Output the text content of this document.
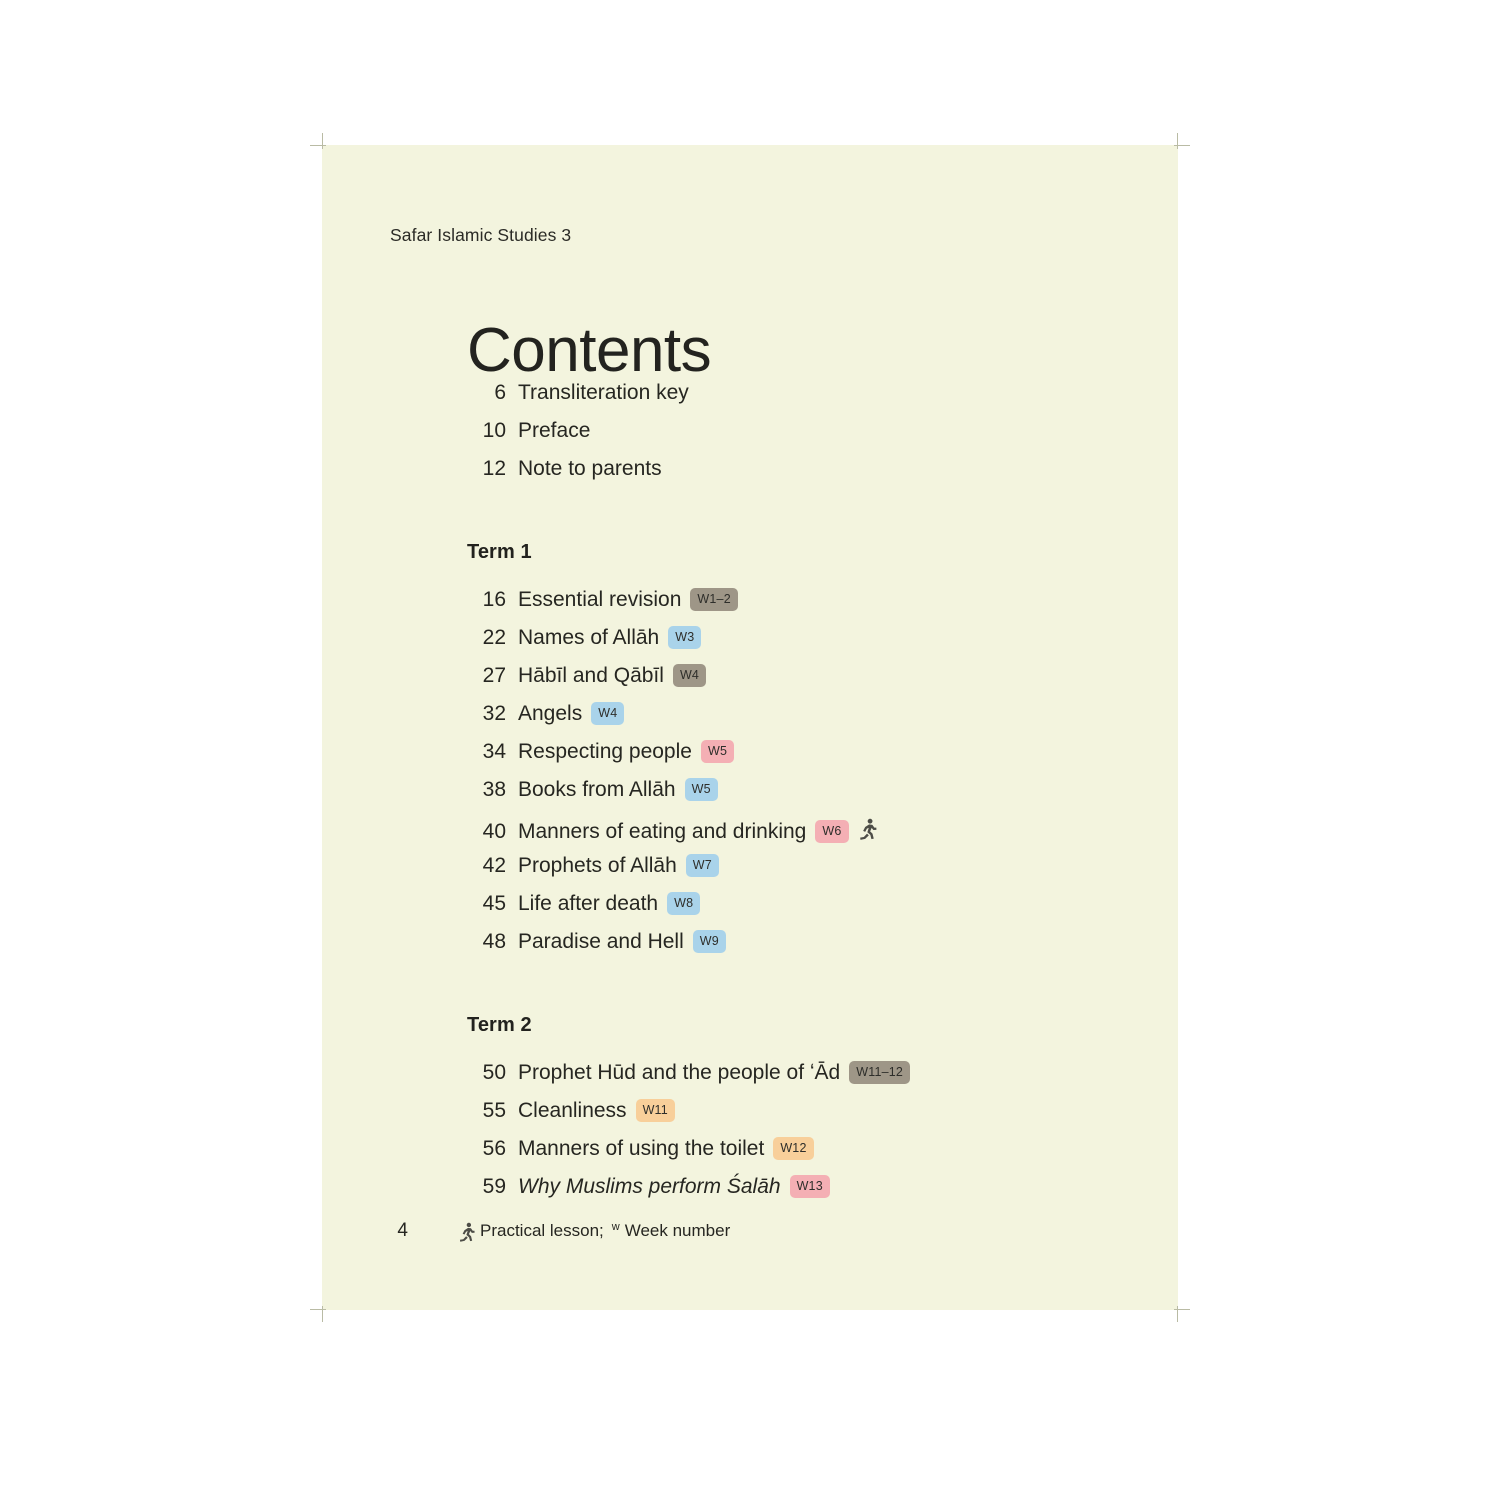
Safar Islamic Studies 3
Contents
6 Transliteration key
10 Preface
12 Note to parents
Term 1
16 Essential revision	W1–2
22 Names of Allāh	W3
27 Hābīl and Qābīl	W4
32 Angels	W4
34 Respecting people	W5
38 Books from Allāh	W5
40 Manners of eating and drinking	W6
42 Prophets of Allāh	W7
45 Life after death	W8
48 Paradise and Hell	W9
Term 2
50 Prophet Hūd and the people of ʻĀd	W11–12
55 Cleanliness	W11
56 Manners of using the toilet	W12
59 Why Muslims perform Śalāh	W13
4	Practical lesson; w Week number
